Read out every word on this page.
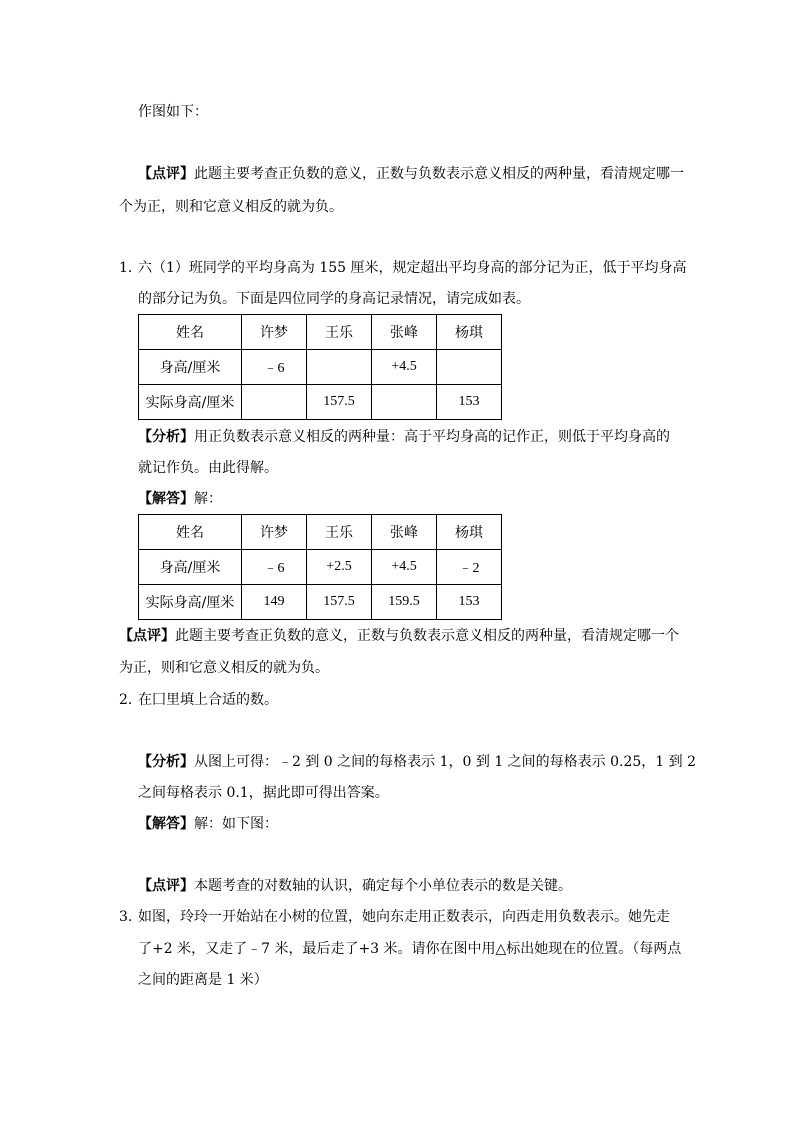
作图如下：
【点评】此题主要考查正负数的意义，正数与负数表示意义相反的两种量，看清规定哪一
个为正，则和它意义相反的就为负。
1. 六（1）班同学的平均身高为 155 厘米，规定超出平均身高的部分记为正，低于平均身高
的部分记为负。下面是四位同学的身高记录情况，请完成如表。
姓名	许梦	王乐	张峰	杨琪
身高/厘米	﹣6		+4.5	
实际身高/厘米		157.5		153
【分析】用正负数表示意义相反的两种量：高于平均身高的记作正，则低于平均身高的
就记作负。由此得解。
【解答】解：
姓名	许梦	王乐	张峰	杨琪
身高/厘米	﹣6	+2.5	+4.5	﹣2
实际身高/厘米	149	157.5	159.5	153
【点评】此题主要考查正负数的意义，正数与负数表示意义相反的两种量，看清规定哪一个
为正，则和它意义相反的就为负。
2. 在囗里填上合适的数。
【分析】从图上可得：﹣2 到 0 之间的每格表示 1，0 到 1 之间的每格表示 0.25，1 到 2
之间每格表示 0.1，据此即可得出答案。
【解答】解：如下图：
【点评】本题考查的对数轴的认识，确定每个小单位表示的数是关键。
3. 如图，玲玲一开始站在小树的位置，她向东走用正数表示，向西走用负数表示。她先走
了+2 米，又走了﹣7 米，最后走了+3 米。请你在图中用△标出她现在的位置。（每两点
之间的距离是 1 米）
